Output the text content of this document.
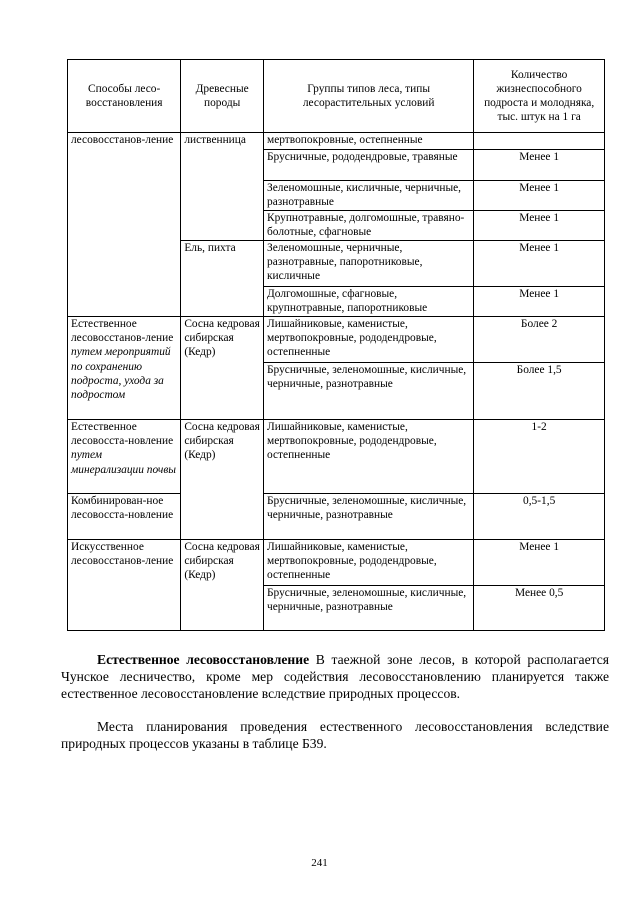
Способы лесо-восстановления	Древесные породы	Группы типов леса, типы лесорастительных условий	Количество жизнеспособного подроста и молодняка, тыс. штук на 1 га
лесовосстанов-ление	лиственница	мертвопокровные, остепненные	
		Брусничные, рододендровые, травяные	Менее 1
		Зеленомошные, кисличные, черничные, разнотравные	Менее 1
		Крупнотравные, долгомошные, травяно-болотные, сфагновые	Менее 1
	Ель, пихта	Зеленомошные, черничные, разнотравные, папоротниковые, кисличные	Менее 1
		Долгомошные, сфагновые, крупнотравные, папоротниковые	Менее 1
Естественное лесовосстанов-ление путем мероприятий по сохранению подроста, ухода за подростом	Сосна кедровая сибирская (Кедр)	Лишайниковые, каменистые, мертвопокровные, рододендровые, остепненные	Более 2
		Брусничные, зеленомошные, кисличные, черничные, разнотравные	Более 1,5
Естественное лесовосста-новление путем минерализации почвы	Сосна кедровая сибирская (Кедр)	Лишайниковые, каменистые, мертвопокровные, рододендровые, остепненные	1-2
Комбинирован-ное лесовосста-новление		Брусничные, зеленомошные, кисличные, черничные, разнотравные	0,5-1,5
Искусственное лесовосстанов-ление	Сосна кедровая сибирская (Кедр)	Лишайниковые, каменистые, мертвопокровные, рододендровые, остепненные	Менее 1
		Брусничные, зеленомошные, кисличные, черничные, разнотравные	Менее 0,5
Естественное лесовосстановление В таежной зоне лесов, в которой располагается Чунское лесничество, кроме мер содействия лесовосстановлению планируется также естественное лесовосстановление вследствие природных процессов.
Места планирования проведения естественного лесовосстановления вследствие природных процессов указаны в таблице Б39.
241
